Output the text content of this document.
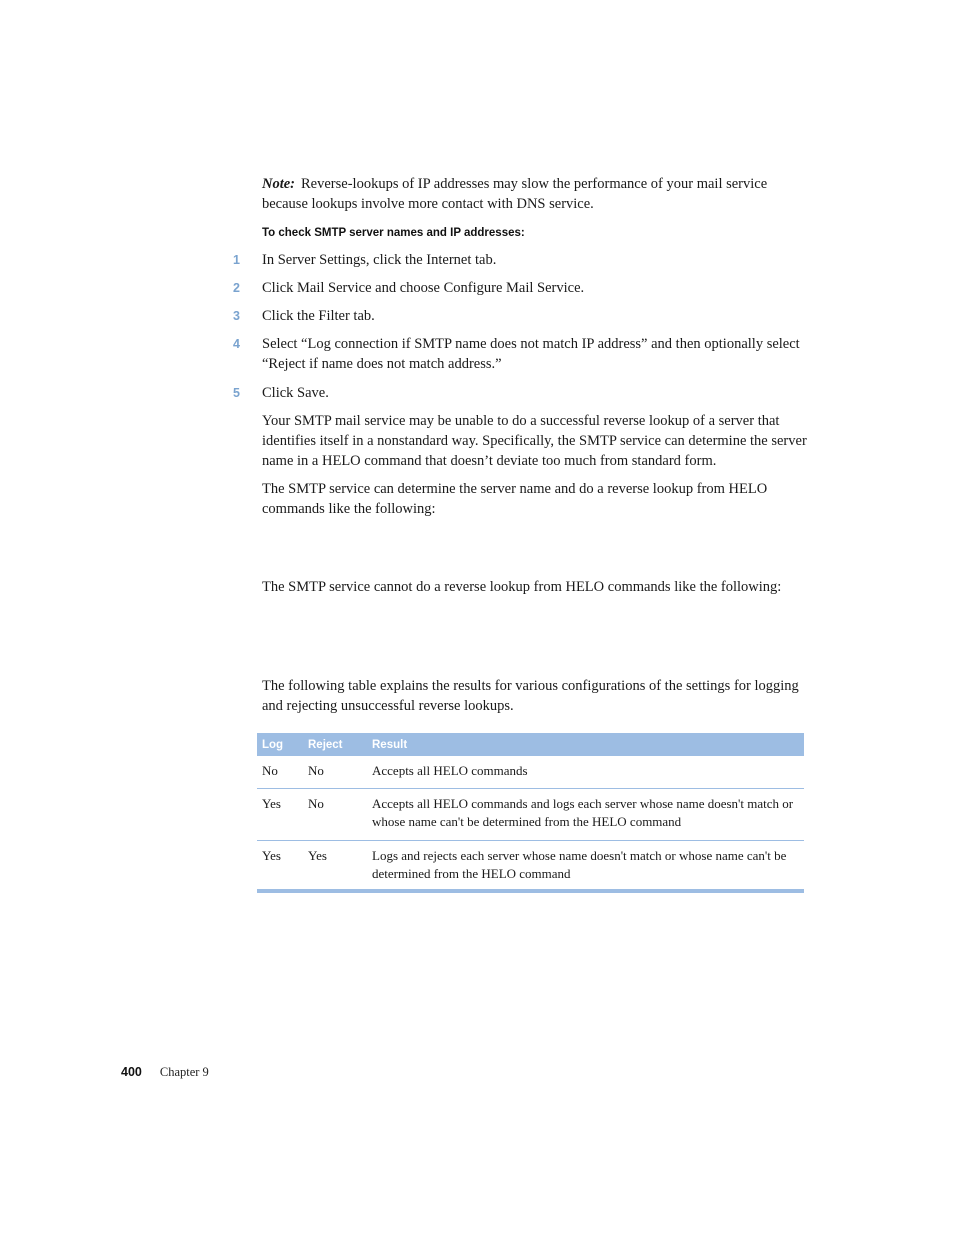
Note: Reverse-lookups of IP addresses may slow the performance of your mail service because lookups involve more contact with DNS service.

To check SMTP server names and IP addresses:

1	In Server Settings, click the Internet tab.
2	Click Mail Service and choose Configure Mail Service.
3	Click the Filter tab.
4	Select “Log connection if SMTP name does not match IP address” and then optionally select “Reject if name does not match address.”
5	Click Save.

Your SMTP mail service may be unable to do a successful reverse lookup of a server that identifies itself in a nonstandard way. Specifically, the SMTP service can determine the server name in a HELO command that doesn’t deviate too much from standard form.

The SMTP service can determine the server name and do a reverse lookup from HELO commands like the following:

The SMTP service cannot do a reverse lookup from HELO commands like the following:

The following table explains the results for various configurations of the settings for logging and rejecting unsuccessful reverse lookups.

Log	Reject	Result
No	No	Accepts all HELO commands
Yes	No	Accepts all HELO commands and logs each server whose name doesn't match or whose name can't be determined from the HELO command
Yes	Yes	Logs and rejects each server whose name doesn't match or whose name can't be determined from the HELO command

400 Chapter 9
